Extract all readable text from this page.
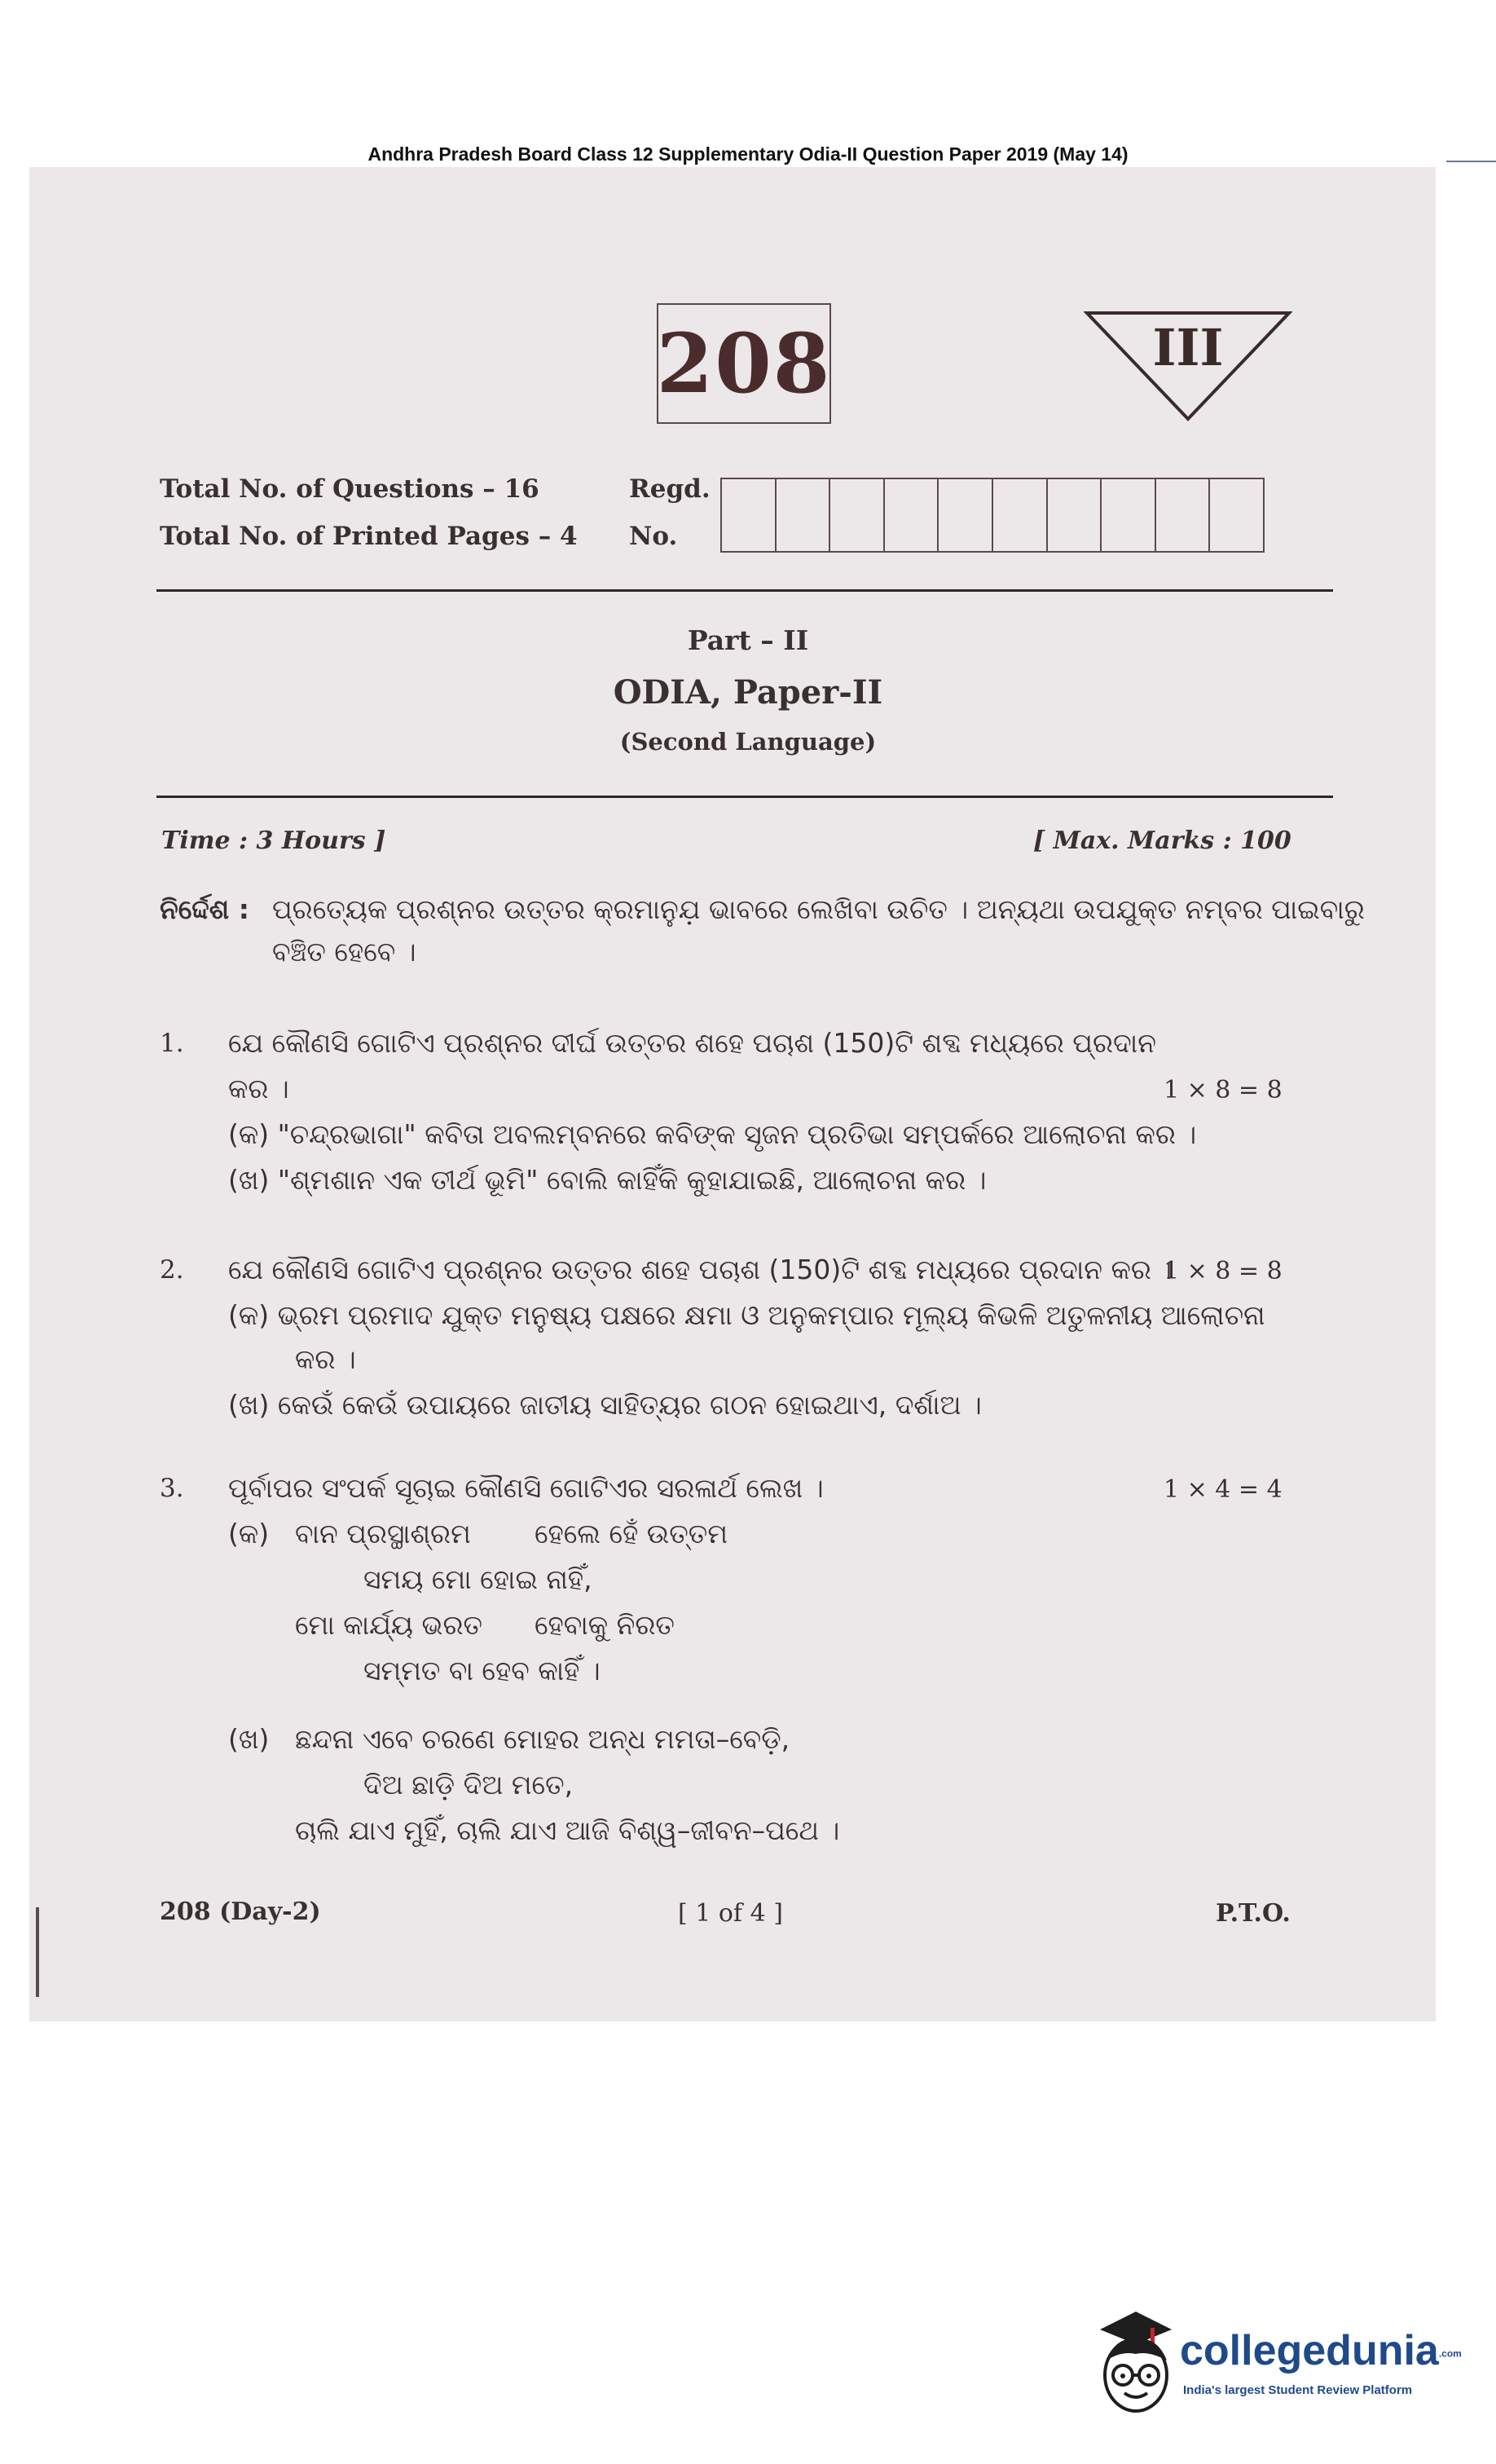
Andhra Pradesh Board Class 12 Supplementary Odia-II Question Paper 2019 (May 14)
208	III
Total No. of Questions – 16
Total No. of Printed Pages – 4
Regd.
No.
Part – II
ODIA, Paper-II
(Second Language)
Time : 3 Hours ]	[ Max. Marks : 100
ନିର୍ଦ୍ଦେଶ : ପ୍ରତ୍ୟେକ ପ୍ରଶ୍ନର ଉତ୍ତର କ୍ରମାନୁଯ଼ ଭାବରେ ଲେଖିବା ଉଚିତ । ଅନ୍ୟଥା ଉପଯୁକ୍ତ ନମ୍ବର ପାଇବାରୁ
ବଞ୍ଚିତ ହେବେ ।
1. ଯେ କୌଣସି ଗୋଟିଏ ପ୍ରଶ୍ନର ଦୀର୍ଘ ଉତ୍ତର ଶହେ ପଚାଶ (150)ଟି ଶବ୍ଦ ମଧ୍ୟରେ ପ୍ରଦାନ
କର ।	1 × 8 = 8
(କ) "ଚନ୍ଦ୍ରଭାଗା" କବିତା ଅବଲମ୍ବନରେ କବିଙ୍କ ସୃଜନ ପ୍ରତିଭା ସମ୍ପର୍କରେ ଆଲୋଚନା କର ।
(ଖ) "ଶ୍ମଶାନ ଏକ ତୀର୍ଥ ଭୂମି" ବୋଲି କାହିଁକି କୁହାଯାଇଛି, ଆଲୋଚନା କର ।
2. ଯେ କୌଣସି ଗୋଟିଏ ପ୍ରଶ୍ନର ଉତ୍ତର ଶହେ ପଚାଶ (150)ଟି ଶବ୍ଦ ମଧ୍ୟରେ ପ୍ରଦାନ କର ।
1 × 8 = 8
(କ) ଭ୍ରମ ପ୍ରମାଦ ଯୁକ୍ତ ମନୁଷ୍ୟ ପକ୍ଷରେ କ୍ଷମା ଓ ଅନୁକମ୍ପାର ମୂଲ୍ୟ କିଭଳି ଅତୁଳନୀୟ ଆଲୋଚନା
କର ।
(ଖ) କେଉଁ କେଉଁ ଉପାୟରେ ଜାତୀୟ ସାହିତ୍ୟର ଗଠନ ହୋଇଥାଏ, ଦର୍ଶାଅ ।
3. ପୂର୍ବାପର ସଂପର୍କ ସୂଚାଇ କୌଣସି ଗୋଟିଏର ସରଳାର୍ଥ ଲେଖ ।	1 × 4 = 4
(କ) ବାନ ପ୍ରସ୍ଥାଶ୍ରମ ହେଲେ ହେଁ ଉତ୍ତମ
ସମୟ ମୋ ହୋଇ ନାହିଁ,
ମୋ କାର୍ଯ୍ୟ ଭରତ ହେବାକୁ ନିରତ
ସମ୍ମତ ବା ହେବ କାହିଁ ।
(ଖ) ଛନ୍ଦନା ଏବେ ଚରଣେ ମୋହର ଅନ୍ଧ ମମତା–ବେଡ଼ି,
ଦିଅ ଛାଡ଼ି ଦିଅ ମତେ,
ଚାଲି ଯାଏ ମୁହିଁ, ଚାଲି ଯାଏ ଆଜି ବିଶ୍ୱ–ଜୀବନ–ପଥେ ।
208 (Day-2)	[ 1 of 4 ]	P.T.O.
collegedunia.com
India's largest Student Review Platform
